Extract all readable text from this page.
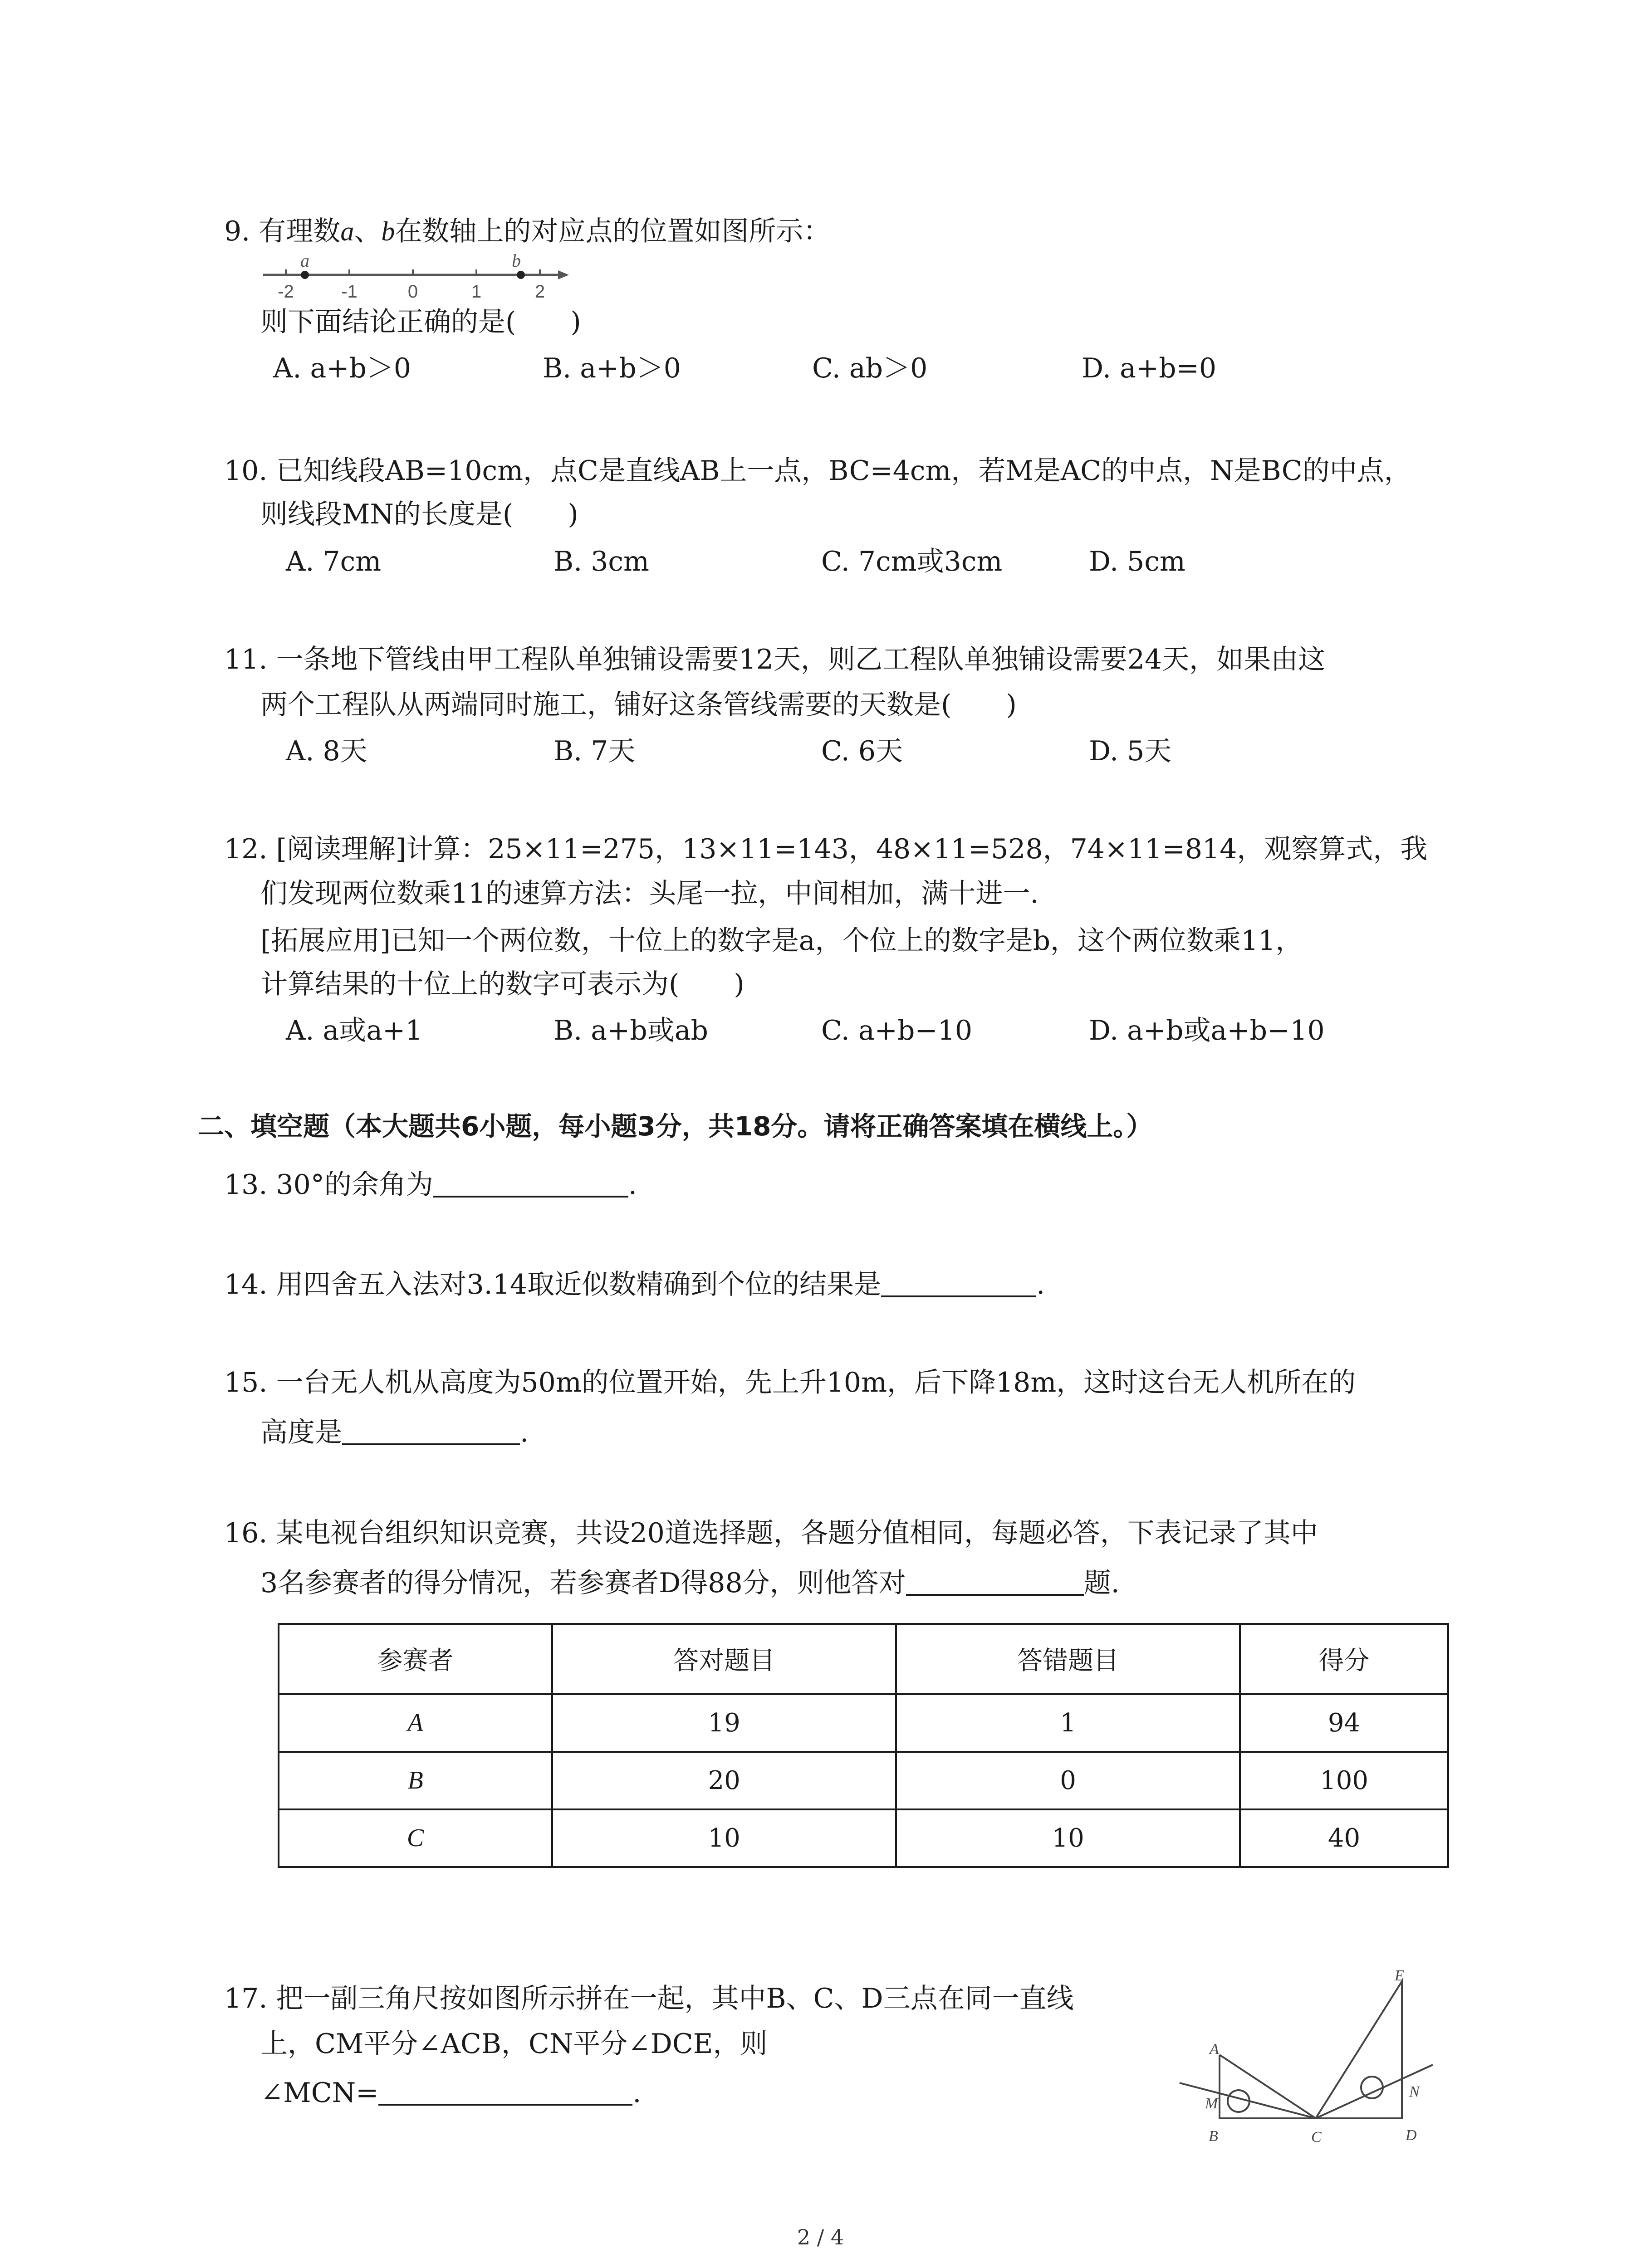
9. 有理数a、b在数轴上的对应点的位置如图所示：
-2	-1	0	1	2
a	b
则下面结论正确的是(　　)
A. a+b＞0	B. a+b＞0	C. ab＞0	D. a+b=0
10. 已知线段AB=10cm，点C是直线AB上一点，BC=4cm，若M是AC的中点，N是BC的中点，
则线段MN的长度是(　　)
A. 7cm	B. 3cm	C. 7cm或3cm	D. 5cm
11. 一条地下管线由甲工程队单独铺设需要12天，则乙工程队单独铺设需要24天，如果由这
两个工程队从两端同时施工，铺好这条管线需要的天数是(　　)
A. 8天	B. 7天	C. 6天	D. 5天
12. [阅读理解]计算：25×11=275，13×11=143，48×11=528，74×11=814，观察算式，我
们发现两位数乘11的速算方法：头尾一拉，中间相加，满十进一.
[拓展应用]已知一个两位数，十位上的数字是a，个位上的数字是b，这个两位数乘11，
计算结果的十位上的数字可表示为(　　)
A. a或a+1	B. a+b或ab	C. a+b−10	D. a+b或a+b−10
二、填空题（本大题共6小题，每小题3分，共18分。请将正确答案填在横线上。）
13. 30°的余角为	.
14. 用四舍五入法对3.14取近似数精确到个位的结果是	.
15. 一台无人机从高度为50m的位置开始，先上升10m，后下降18m，这时这台无人机所在的
高度是	.
16. 某电视台组织知识竞赛，共设20道选择题，各题分值相同，每题必答，下表记录了其中
3名参赛者的得分情况，若参赛者D得88分，则他答对	题.
参赛者	答对题目	答错题目	得分
A	19	1	94
B	20	0	100
C	10	10	40
17. 把一副三角尺按如图所示拼在一起，其中B、C、D三点在同一直线
上，CM平分∠ACB，CN平分∠DCE，则
∠MCN=	.
A
B	C	D
E
M
N
2 / 4
